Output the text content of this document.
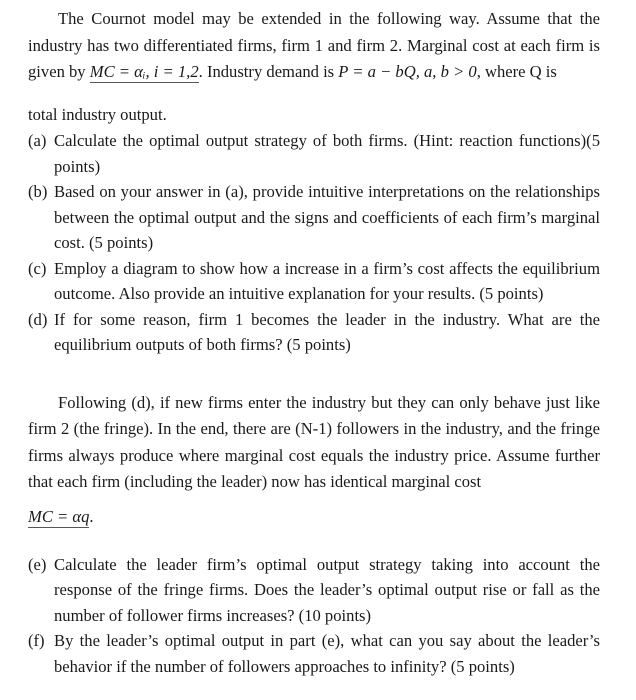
The Cournot model may be extended in the following way. Assume that the industry has two differentiated firms, firm 1 and firm 2. Marginal cost at each firm is given by MC = αᵢ, i = 1,2. Industry demand is P = a − bQ, a, b > 0, where Q is
total industry output.
(a) Calculate the optimal output strategy of both firms. (Hint: reaction functions)(5 points)
(b) Based on your answer in (a), provide intuitive interpretations on the relationships between the optimal output and the signs and coefficients of each firm’s marginal cost. (5 points)
(c) Employ a diagram to show how a increase in a firm’s cost affects the equilibrium outcome. Also provide an intuitive explanation for your results. (5 points)
(d) If for some reason, firm 1 becomes the leader in the industry. What are the equilibrium outputs of both firms? (5 points)
Following (d), if new firms enter the industry but they can only behave just like firm 2 (the fringe). In the end, there are (N-1) followers in the industry, and the fringe firms always produce where marginal cost equals the industry price. Assume further that each firm (including the leader) now has identical marginal cost
MC = αq.
(e) Calculate the leader firm’s optimal output strategy taking into account the response of the fringe firms. Does the leader’s optimal output rise or fall as the number of follower firms increases? (10 points)
(f) By the leader’s optimal output in part (e), what can you say about the leader’s behavior if the number of followers approaches to infinity? (5 points)
